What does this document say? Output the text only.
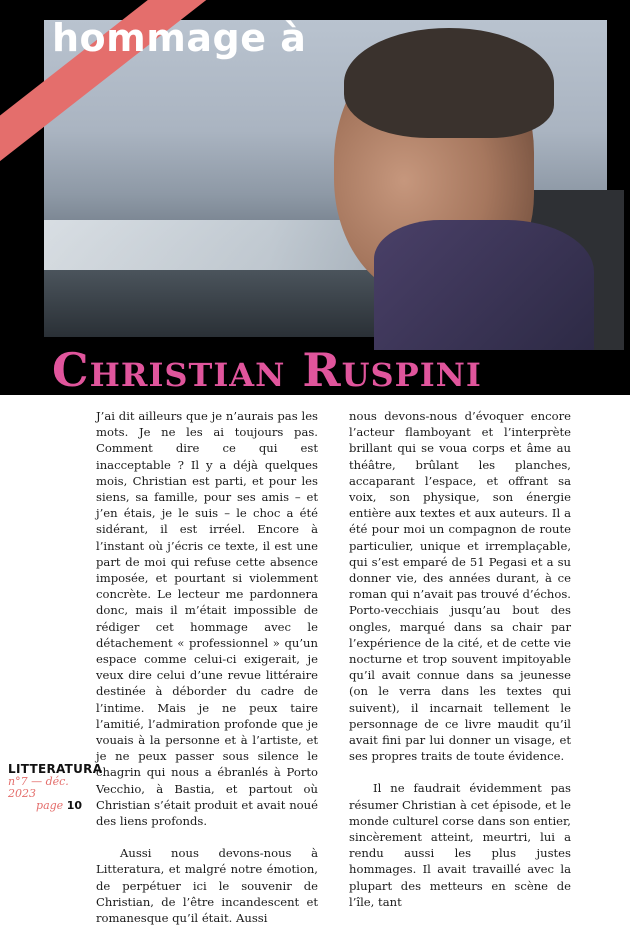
hommage à
Christian Ruspini

J’ai dit ailleurs que je n’aurais pas les mots. Je ne les ai toujours pas. Comment dire ce qui est inacceptable ? Il y a déjà quelques mois, Christian est parti, et pour les siens, sa famille, pour ses amis – et j’en étais, je le suis – le choc a été sidérant, il est irréel. Encore à l’instant où j’écris ce texte, il est une part de moi qui refuse cette absence imposée, et pourtant si violemment concrète. Le lecteur me pardonnera donc, mais il m’était impossible de rédiger cet hommage avec le détachement « professionnel » qu’un espace comme celui-ci exigerait, je veux dire celui d’une revue littéraire destinée à déborder du cadre de l’intime. Mais je ne peux taire l’amitié, l’admiration profonde que je vouais à la personne et à l’artiste, et je ne peux passer sous silence le chagrin qui nous a ébranlés à Porto Vecchio, à Bastia, et partout où Christian s’était produit et avait noué des liens profonds.

Aussi nous devons-nous à Litteratura, et malgré notre émotion, de perpétuer ici le souvenir de Christian, de l’être incandescent et romanesque qu’il était. Aussi

nous devons-nous d’évoquer encore l’acteur flamboyant et l’interprète brillant qui se voua corps et âme au théâtre, brûlant les planches, accaparant l’espace, et offrant sa voix, son physique, son énergie entière aux textes et aux auteurs. Il a été pour moi un compagnon de route particulier, unique et irremplaçable, qui s’est emparé de 51 Pegasi et a su donner vie, des années durant, à ce roman qui n’avait pas trouvé d’échos. Porto-vecchiais jusqu’au bout des ongles, marqué dans sa chair par l’expérience de la cité, et de cette vie nocturne et trop souvent impitoyable qu’il avait connue dans sa jeunesse (on le verra dans les textes qui suivent), il incarnait tellement le personnage de ce livre maudit qu’il avait fini par lui donner un visage, et ses propres traits de toute évidence.

Il ne faudrait évidemment pas résumer Christian à cet épisode, et le monde culturel corse dans son entier, sincèrement atteint, meurtri, lui a rendu aussi les plus justes hommages. Il avait travaillé avec la plupart des metteurs en scène de l’île, tant

LITTERATURA
n°7 — déc. 2023
page 10
